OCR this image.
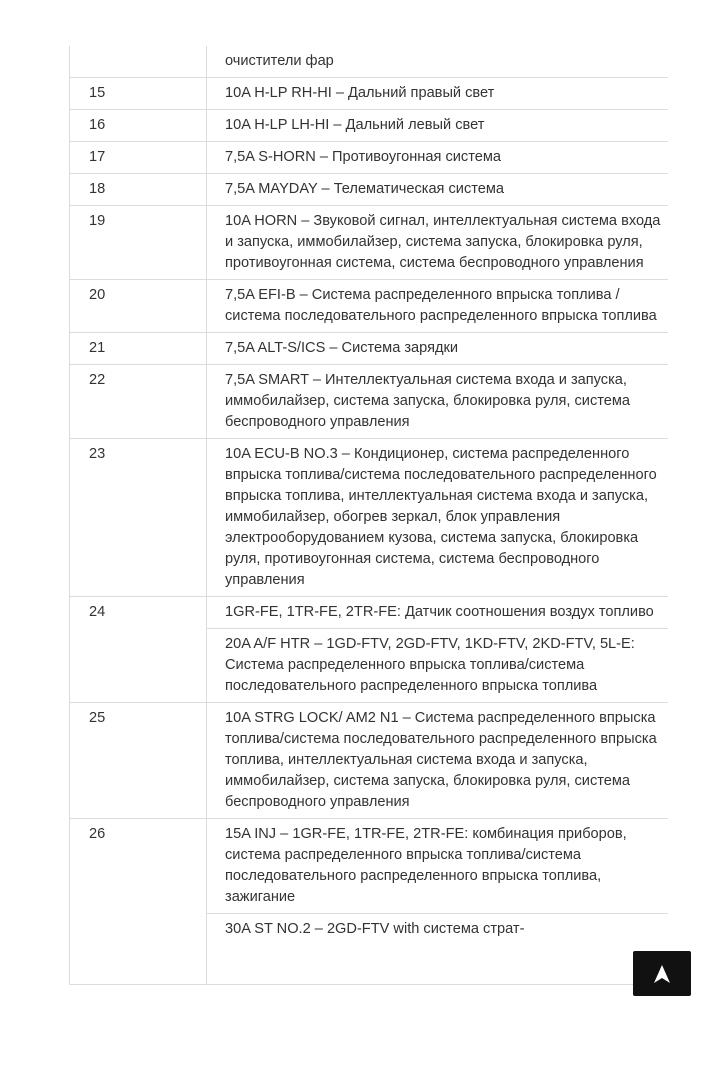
	очистители фар
15	10A H-LP RH-HI – Дальний правый свет
16	10A H-LP LH-HI – Дальний левый свет
17	7,5A S-HORN – Противоугонная система
18	7,5A MAYDAY – Телематическая система
19	10A HORN – Звуковой сигнал, интеллектуальная система входа и запуска, иммобилайзер, система запуска, блокировка руля, противоугонная система, система беспроводного управления
20	7,5A EFI-B – Система распределенного впрыска топлива / система последовательного распределенного впрыска топлива
21	7,5A ALT-S/ICS – Система зарядки
22	7,5A SMART – Интеллектуальная система входа и запуска, иммобилайзер, система запуска, блокировка руля, система беспроводного управления
23	10A ECU-B NO.3 – Кондиционер, система распределенного впрыска топлива/система последовательного распределенного впрыска топлива, интеллектуальная система входа и запуска, иммобилайзер, обогрев зеркал, блок управления электрооборудованием кузова, система запуска, блокировка руля, противоугонная система, система беспроводного управления
24	1GR-FE, 1TR-FE, 2TR-FE: Датчик соотношения воздух топливо
	20A A/F HTR – 1GD-FTV, 2GD-FTV, 1KD-FTV, 2KD-FTV, 5L-E: Система распределенного впрыска топлива/система последовательного распределенного впрыска топлива
25	10A STRG LOCK/ AM2 N1 – Система распределенного впрыска топлива/система последовательного распределенного впрыска топлива, интеллектуальная система входа и запуска, иммобилайзер, система запуска, блокировка руля, система беспроводного управления
26	15A INJ – 1GR-FE, 1TR-FE, 2TR-FE: комбинация приборов, система распределенного впрыска топлива/система последовательного распределенного впрыска топлива, зажигание
	30A ST NO.2 – 2GD-FTV with система страт-
